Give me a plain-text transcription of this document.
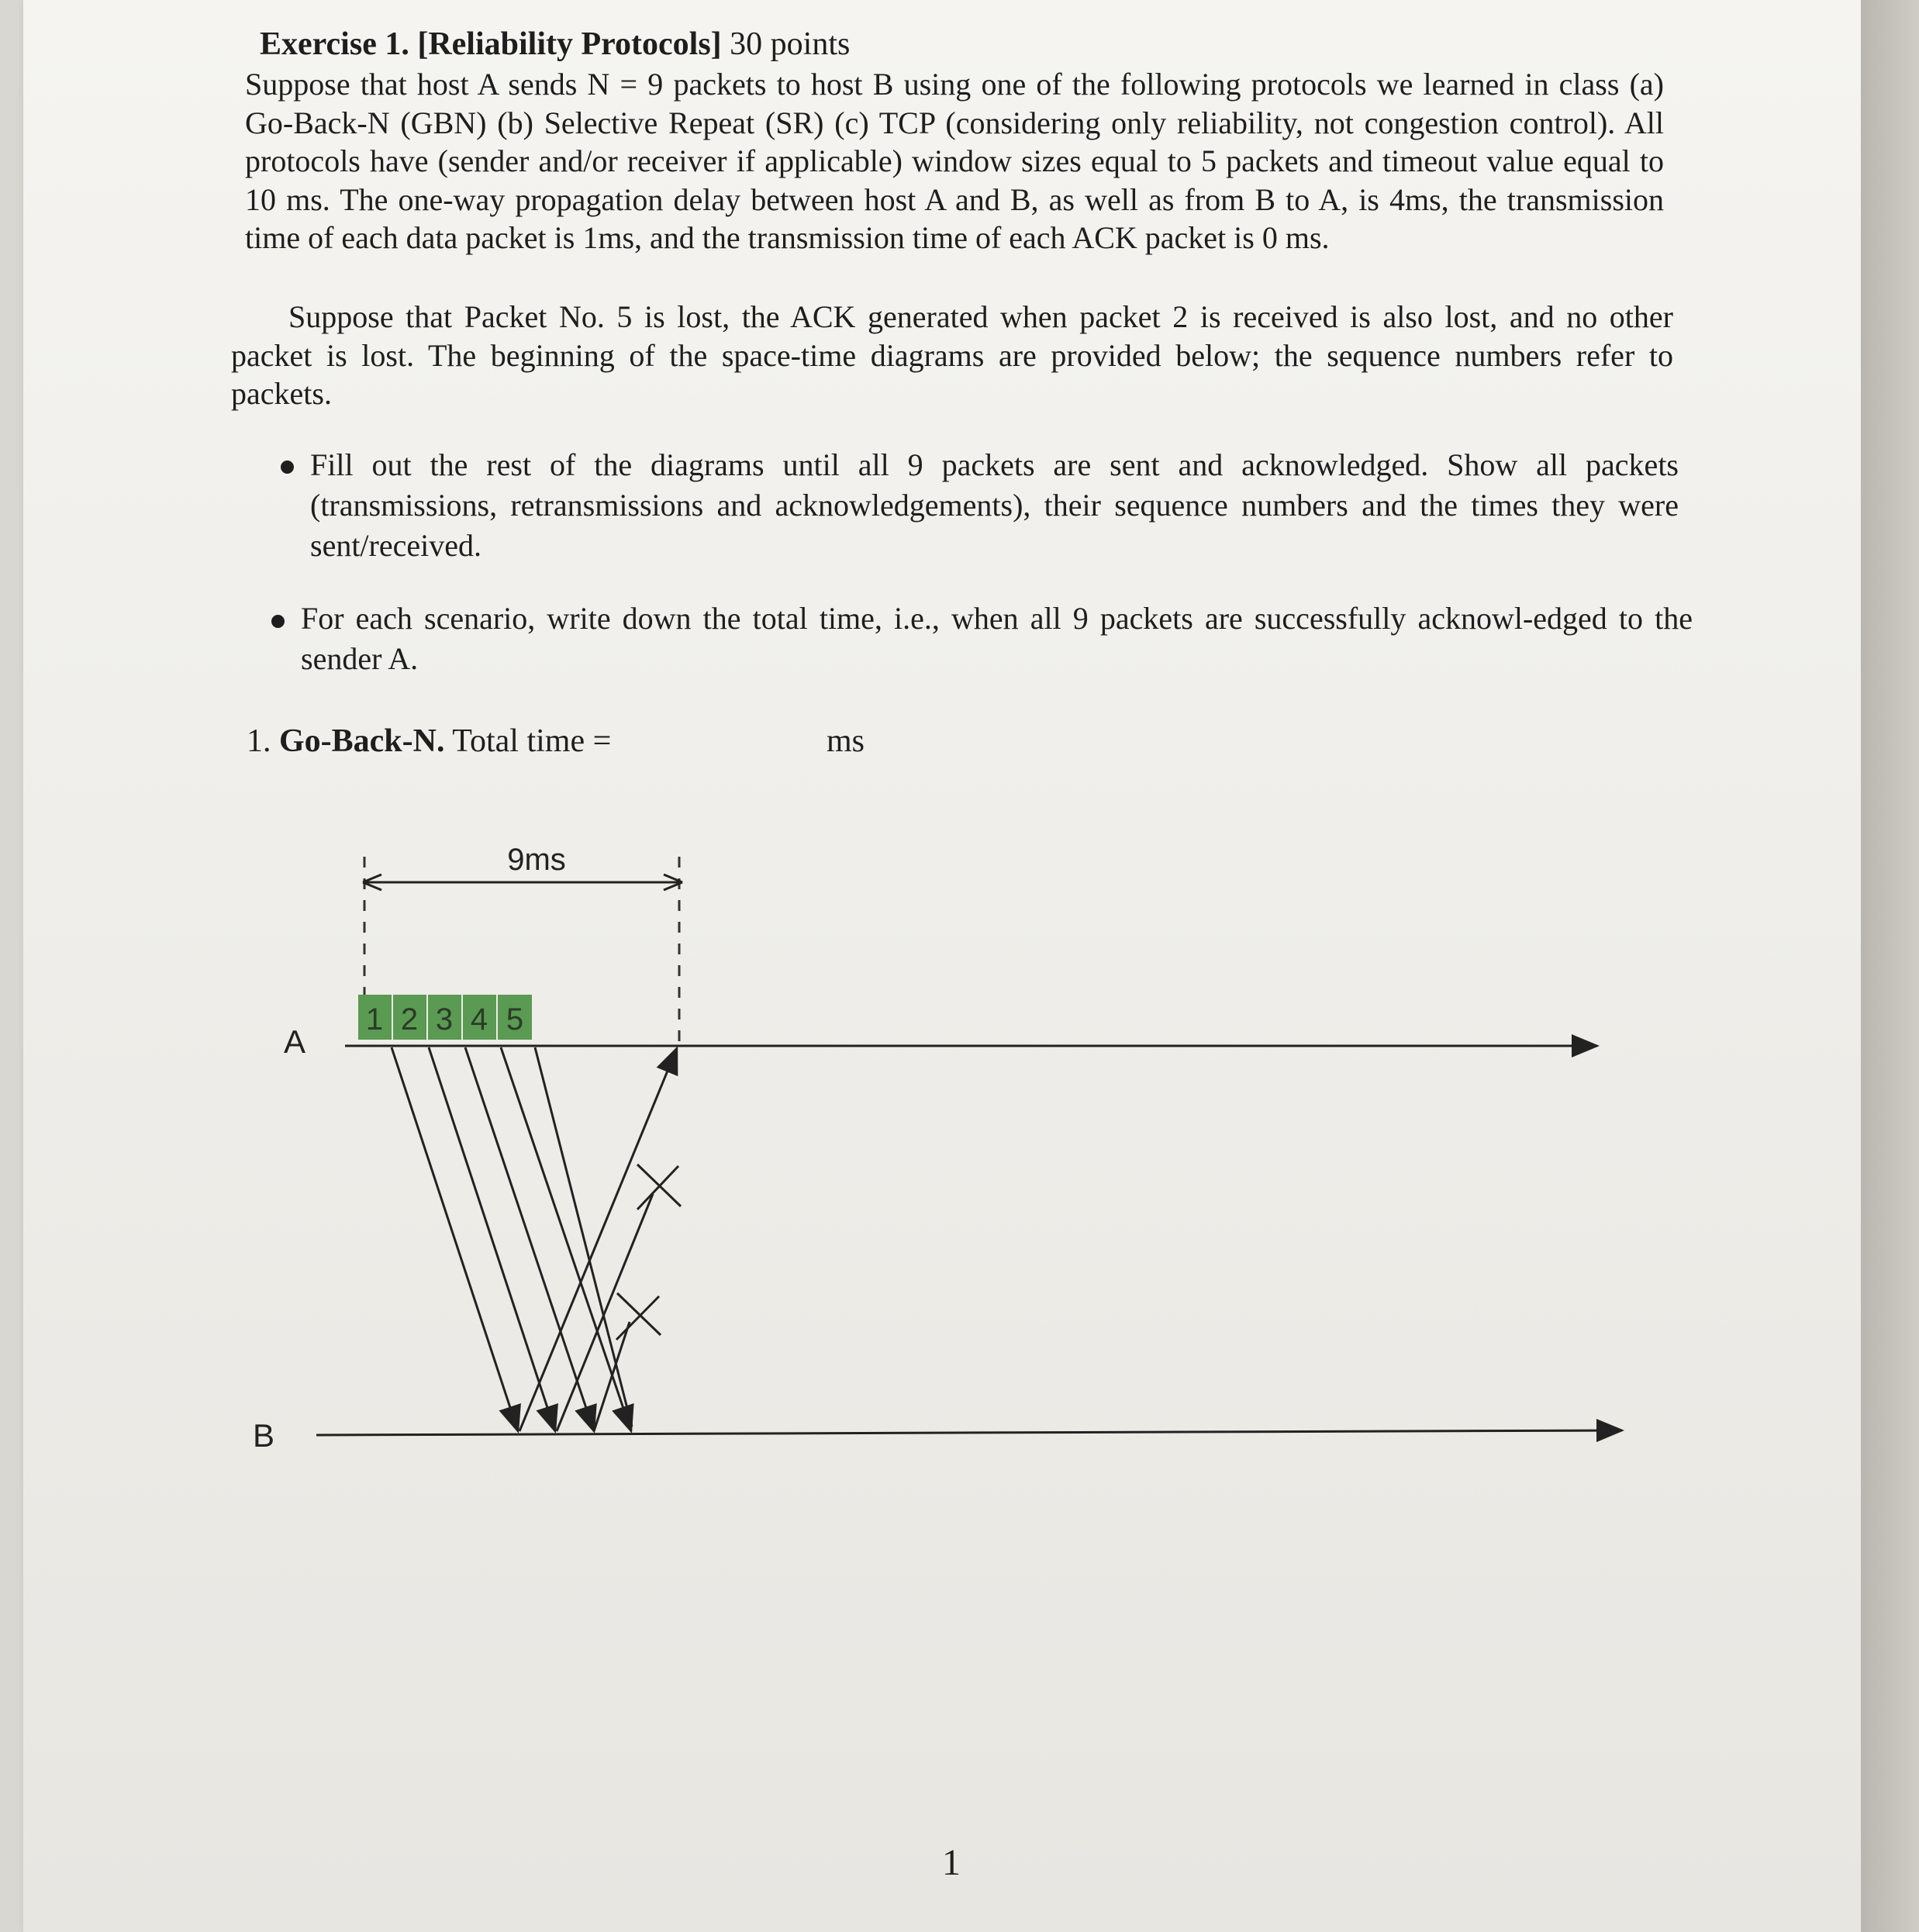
Exercise 1. [Reliability Protocols] 30 points
Suppose that host A sends N = 9 packets to host B using one of the following protocols we learned in class (a) Go-Back-N (GBN) (b) Selective Repeat (SR) (c) TCP (considering only reliability, not congestion control). All protocols have (sender and/or receiver if applicable) window sizes equal to 5 packets and timeout value equal to 10 ms. The one-way propagation delay between host A and B, as well as from B to A, is 4ms, the transmission time of each data packet is 1ms, and the transmission time of each ACK packet is 0 ms.
Suppose that Packet No. 5 is lost, the ACK generated when packet 2 is received is also lost, and no other packet is lost. The beginning of the space-time diagrams are provided below; the sequence numbers refer to packets.
Fill out the rest of the diagrams until all 9 packets are sent and acknowledged. Show all packets (transmissions, retransmissions and acknowledgements), their sequence numbers and the times they were sent/received.
For each scenario, write down the total time, i.e., when all 9 packets are successfully acknowl-edged to the sender A.
1. Go-Back-N. Total time =	ms
9ms
1 2 3 4 5
A
B
1
